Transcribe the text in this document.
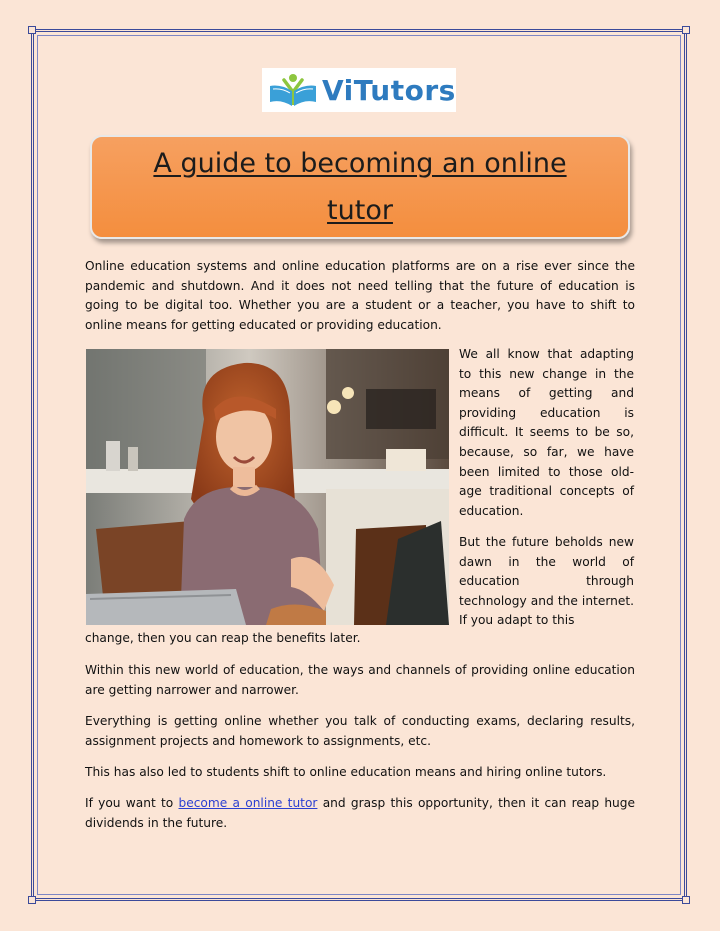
ViTutors
A guide to becoming an online tutor

Online education systems and online education platforms are on a rise ever since the pandemic and shutdown. And it does not need telling that the future of education is going to be digital too. Whether you are a student or a teacher, you have to shift to online means for getting educated or providing education.

We all know that adapting to this new change in the means of getting and providing education is difficult. It seems to be so, because, so far, we have been limited to those old-age traditional concepts of education.

But the future beholds new dawn in the world of education through technology and the internet. If you adapt to this

change, then you can reap the benefits later.

Within this new world of education, the ways and channels of providing online education are getting narrower and narrower.

Everything is getting online whether you talk of conducting exams, declaring results, assignment projects and homework to assignments, etc.

This has also led to students shift to online education means and hiring online tutors.

If you want to become a online tutor and grasp this opportunity, then it can reap huge dividends in the future.
